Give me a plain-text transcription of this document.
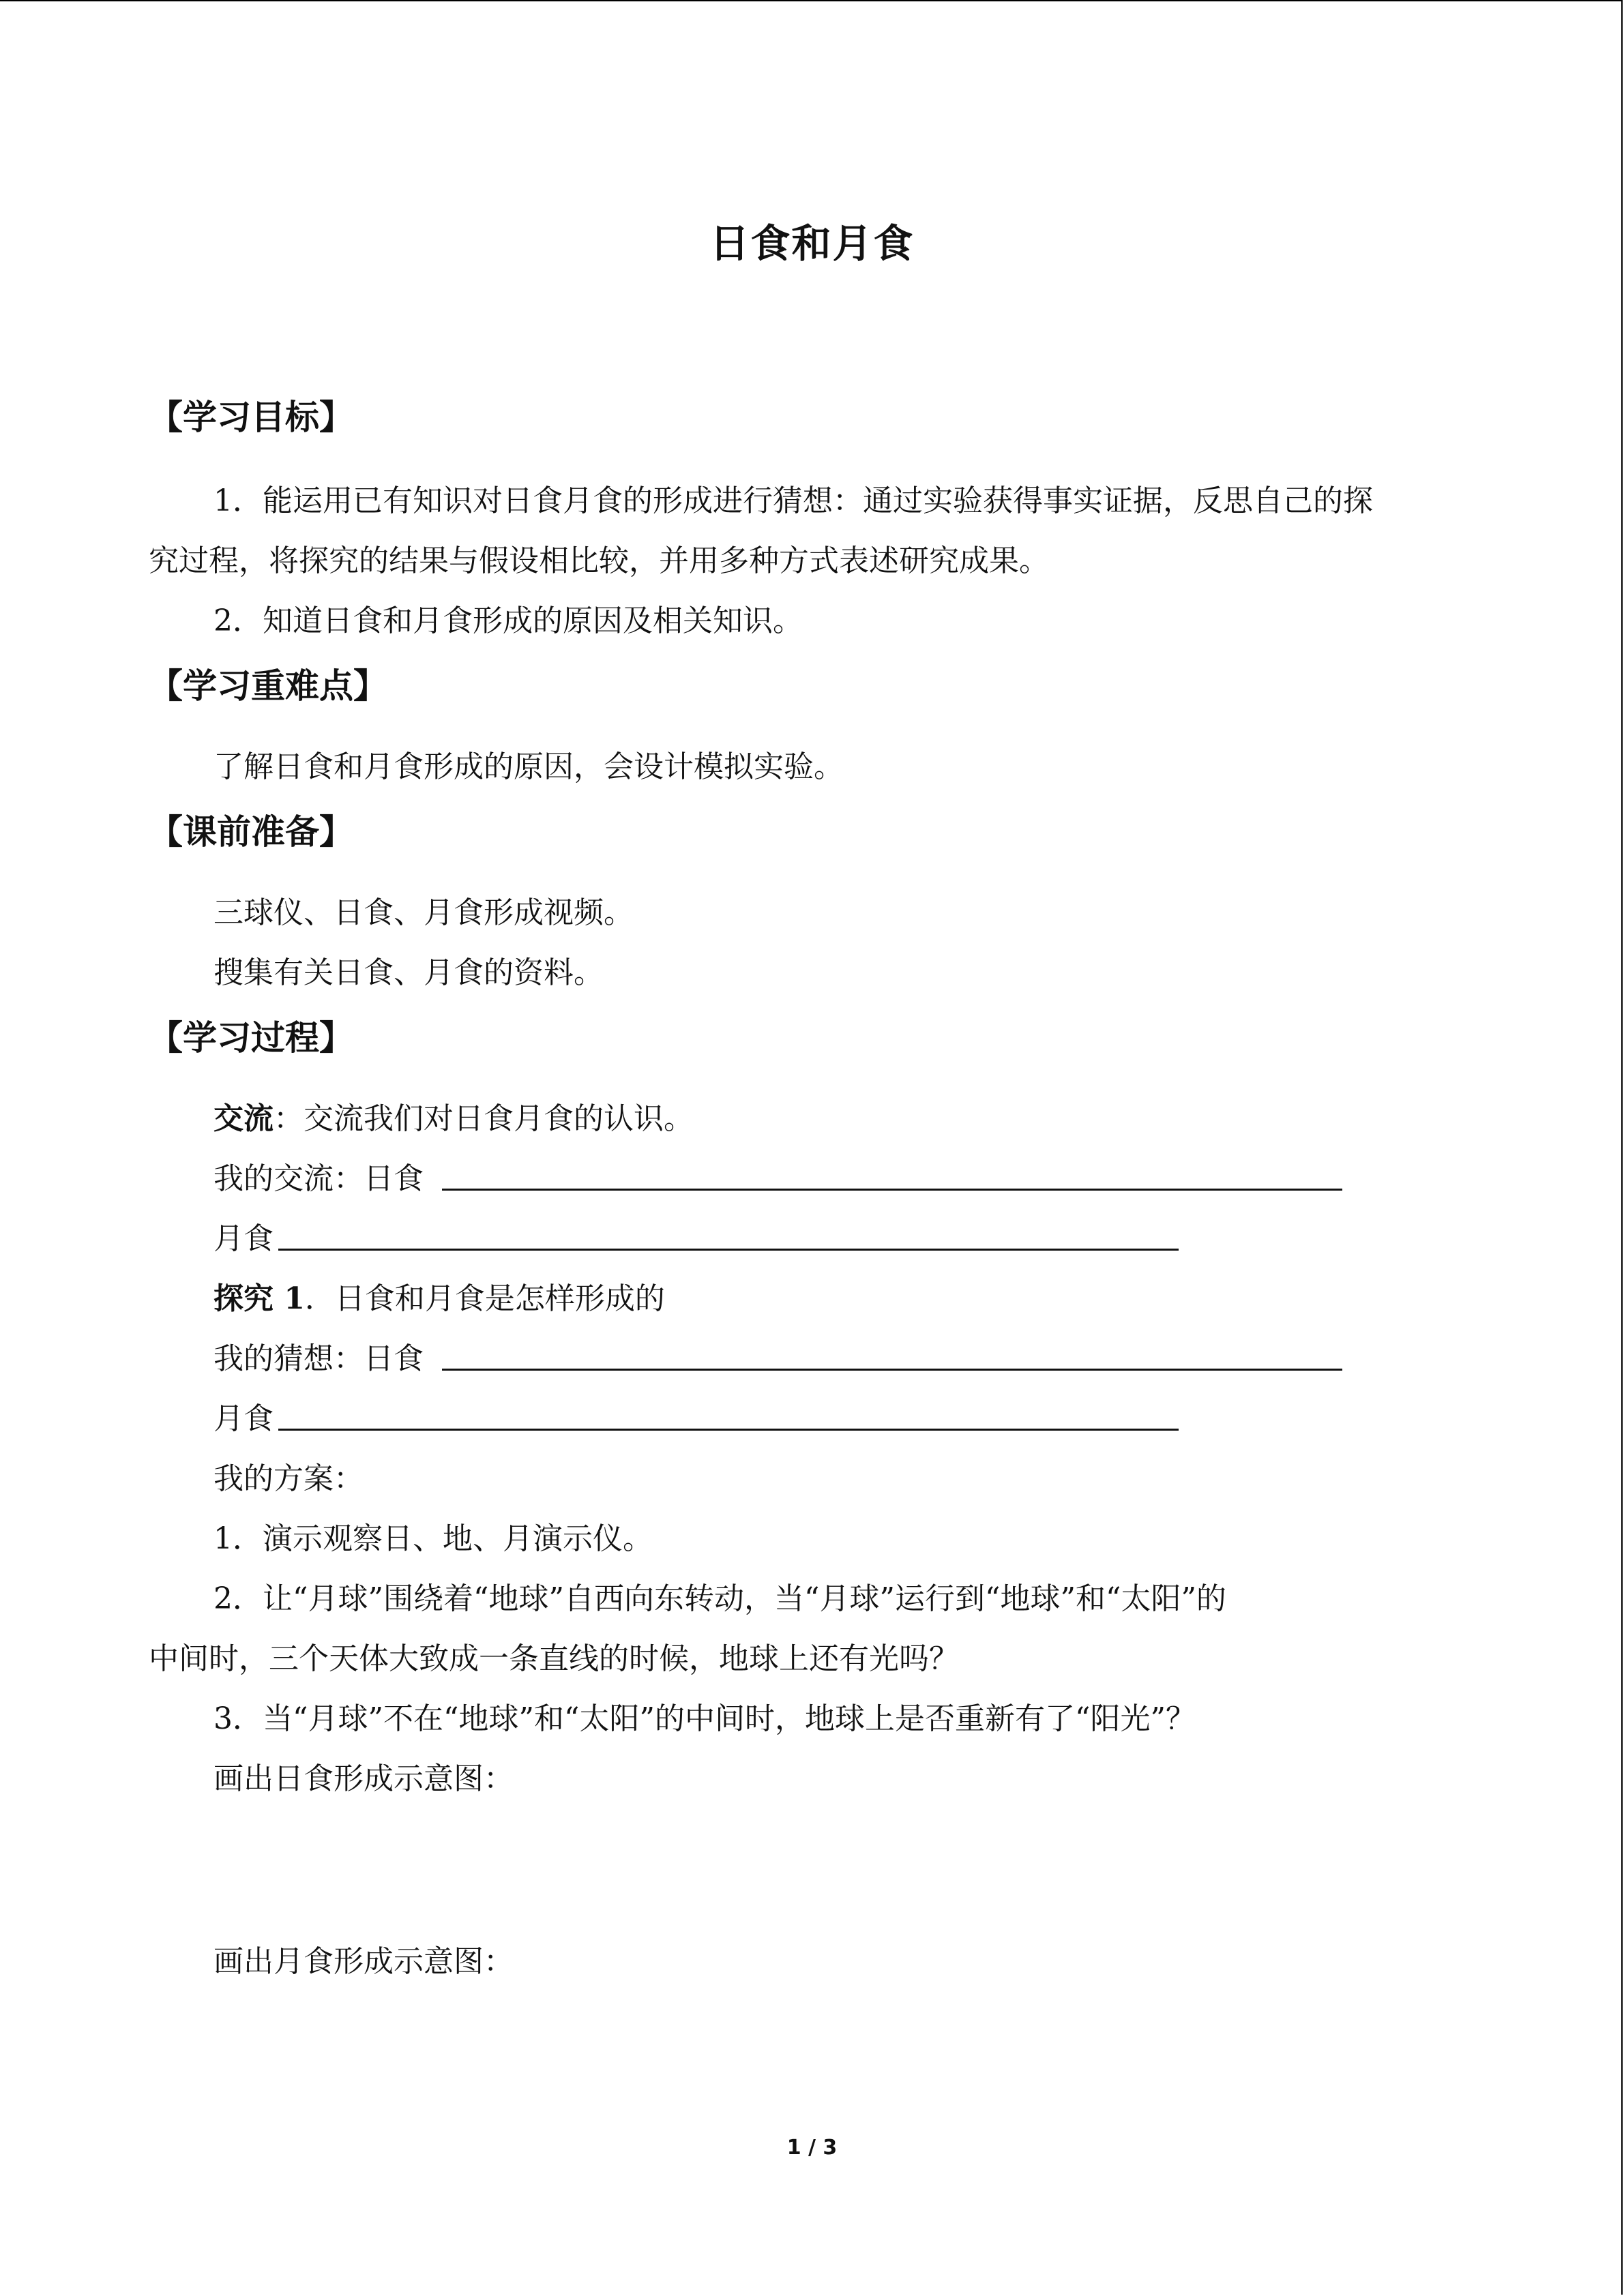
日食和月食
【学习目标】
1．能运用已有知识对日食月食的形成进行猜想：通过实验获得事实证据，反思自己的探
究过程，将探究的结果与假设相比较，并用多种方式表述研究成果。
2．知道日食和月食形成的原因及相关知识。
【学习重难点】
了解日食和月食形成的原因，会设计模拟实验。
【课前准备】
三球仪、日食、月食形成视频。
搜集有关日食、月食的资料。
【学习过程】
交流：交流我们对日食月食的认识。
我的交流：日食
月食
探究 1．日食和月食是怎样形成的
我的猜想：日食
月食
我的方案：
1．演示观察日、地、月演示仪。
2．让“月球”围绕着“地球”自西向东转动，当“月球”运行到“地球”和“太阳”的
中间时，三个天体大致成一条直线的时候，地球上还有光吗？
3．当“月球”不在“地球”和“太阳”的中间时，地球上是否重新有了“阳光”？
画出日食形成示意图：
画出月食形成示意图：
1 / 3
